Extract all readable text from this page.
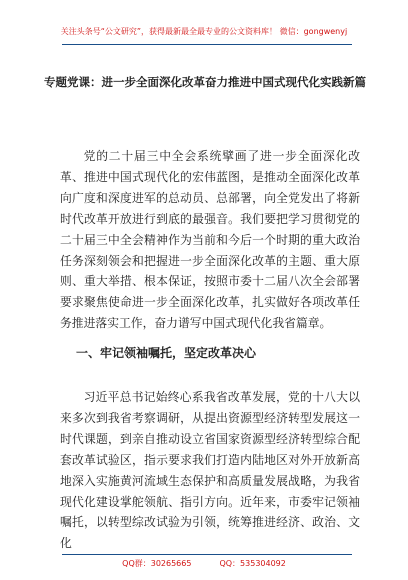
关注头条号“公文研究”，获得最新最全最专业的公文资料库！ 微信：gongwenyj
专题党课：进一步全面深化改革奋力推进中国式现代化实践新篇

党的二十届三中全会系统擘画了进一步全面深化改革、推进中国式现代化的宏伟蓝图，是推动全面深化改革向广度和深度进军的总动员、总部署，向全党发出了将新时代改革开放进行到底的最强音。我们要把学习贯彻党的二十届三中全会精神作为当前和今后一个时期的重大政治任务深刻领会和把握进一步全面深化改革的主题、重大原则、重大举措、根本保证，按照市委十二届八次全会部署要求聚焦使命进一步全面深化改革，扎实做好各项改革任务推进落实工作，奋力谱写中国式现代化我省篇章。

一、牢记领袖嘱托，坚定改革决心

习近平总书记始终心系我省改革发展，党的十八大以来多次到我省考察调研，从提出资源型经济转型发展这一时代课题，到亲自推动设立省国家资源型经济转型综合配套改革试验区，指示要求我们打造内陆地区对外开放新高地深入实施黄河流域生态保护和高质量发展战略，为我省现代化建设掌舵领航、指引方向。近年来，市委牢记领袖嘱托，以转型综改试验为引领，统筹推进经济、政治、文化

QQ群：30265665	QQ：535304092
